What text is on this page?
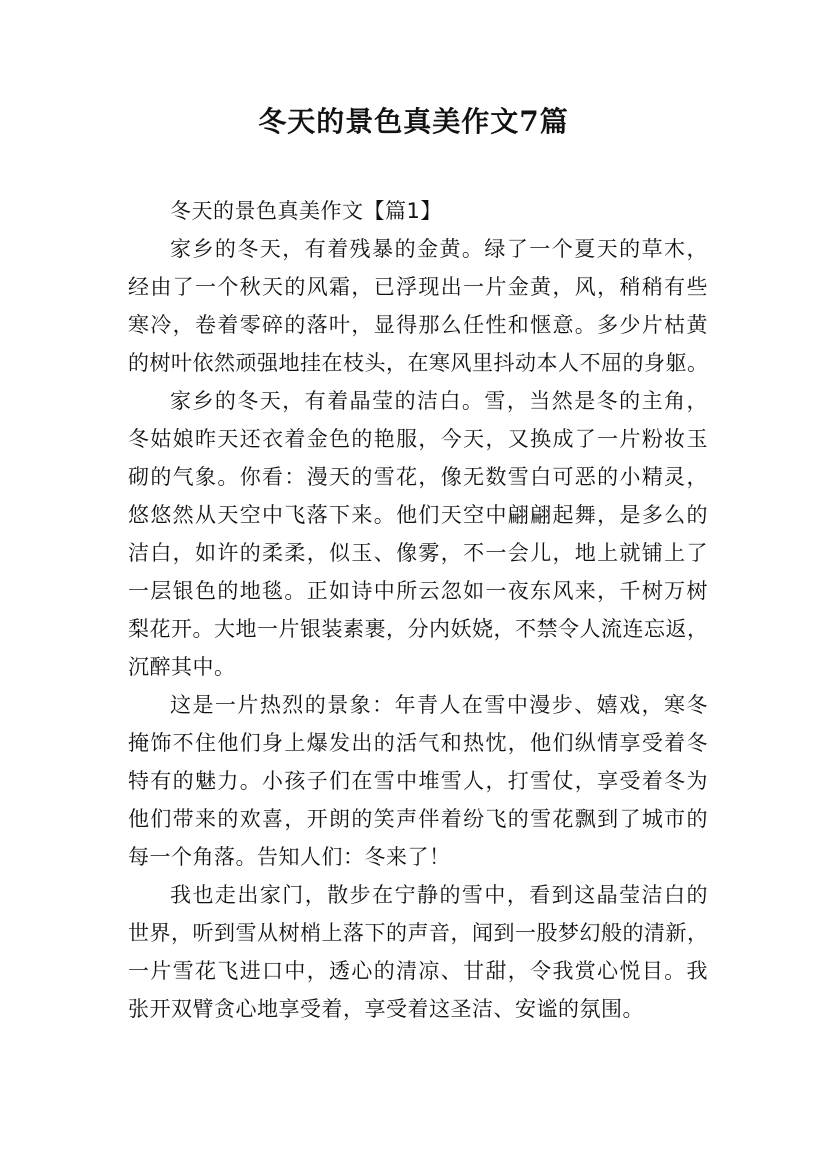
冬天的景色真美作文7篇
冬天的景色真美作文【篇1】
家乡的冬天，有着残暴的金黄。绿了一个夏天的草木，
经由了一个秋天的风霜，已浮现出一片金黄，风，稍稍有些
寒冷，卷着零碎的落叶，显得那么任性和惬意。多少片枯黄
的树叶依然顽强地挂在枝头，在寒风里抖动本人不屈的身躯。
家乡的冬天，有着晶莹的洁白。雪，当然是冬的主角，
冬姑娘昨天还衣着金色的艳服，今天，又换成了一片粉妆玉
砌的气象。你看：漫天的雪花，像无数雪白可恶的小精灵，
悠悠然从天空中飞落下来。他们天空中翩翩起舞，是多么的
洁白，如许的柔柔，似玉、像雾，不一会儿，地上就铺上了
一层银色的地毯。正如诗中所云忽如一夜东风来，千树万树
梨花开。大地一片银装素裹，分内妖娆，不禁令人流连忘返，
沉醉其中。
这是一片热烈的景象：年青人在雪中漫步、嬉戏，寒冬
掩饰不住他们身上爆发出的活气和热忱，他们纵情享受着冬
特有的魅力。小孩子们在雪中堆雪人，打雪仗，享受着冬为
他们带来的欢喜，开朗的笑声伴着纷飞的雪花飘到了城市的
每一个角落。告知人们：冬来了！
我也走出家门，散步在宁静的雪中，看到这晶莹洁白的
世界，听到雪从树梢上落下的声音，闻到一股梦幻般的清新，
一片雪花飞进口中，透心的清凉、甘甜，令我赏心悦目。我
张开双臂贪心地享受着，享受着这圣洁、安谧的氛围。
